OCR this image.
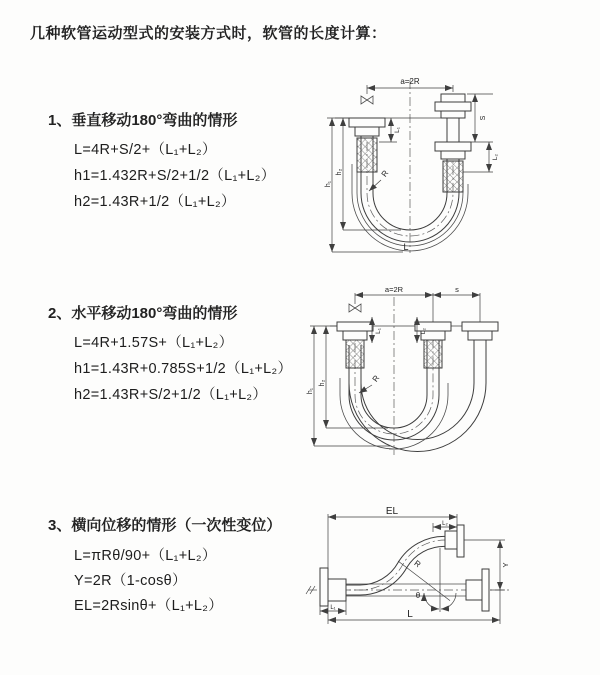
几种软管运动型式的安装方式时，软管的长度计算：
1、垂直移动180°弯曲的情形
L=4R+S/2+（L₁+L₂）
h1=1.432R+S/2+1/2（L₁+L₂）
h2=1.43R+1/2（L₁+L₂）
a=2R
h₁
h₂
L₁
S
L₂
R
L
2、水平移动180°弯曲的情形
L=4R+1.57S+（L₁+L₂）
h1=1.43R+0.785S+1/2（L₁+L₂）
h2=1.43R+S/2+1/2（L₁+L₂）
a=2R	s
h₁
h₂
L₁	L₂
R
3、横向位移的情形（一次性变位）
L=πRθ/90+（L₁+L₂）
Y=2R（1-cosθ）
EL=2Rsinθ+（L₁+L₂）
EL
L₂
Y
L₁
L
θ
R
